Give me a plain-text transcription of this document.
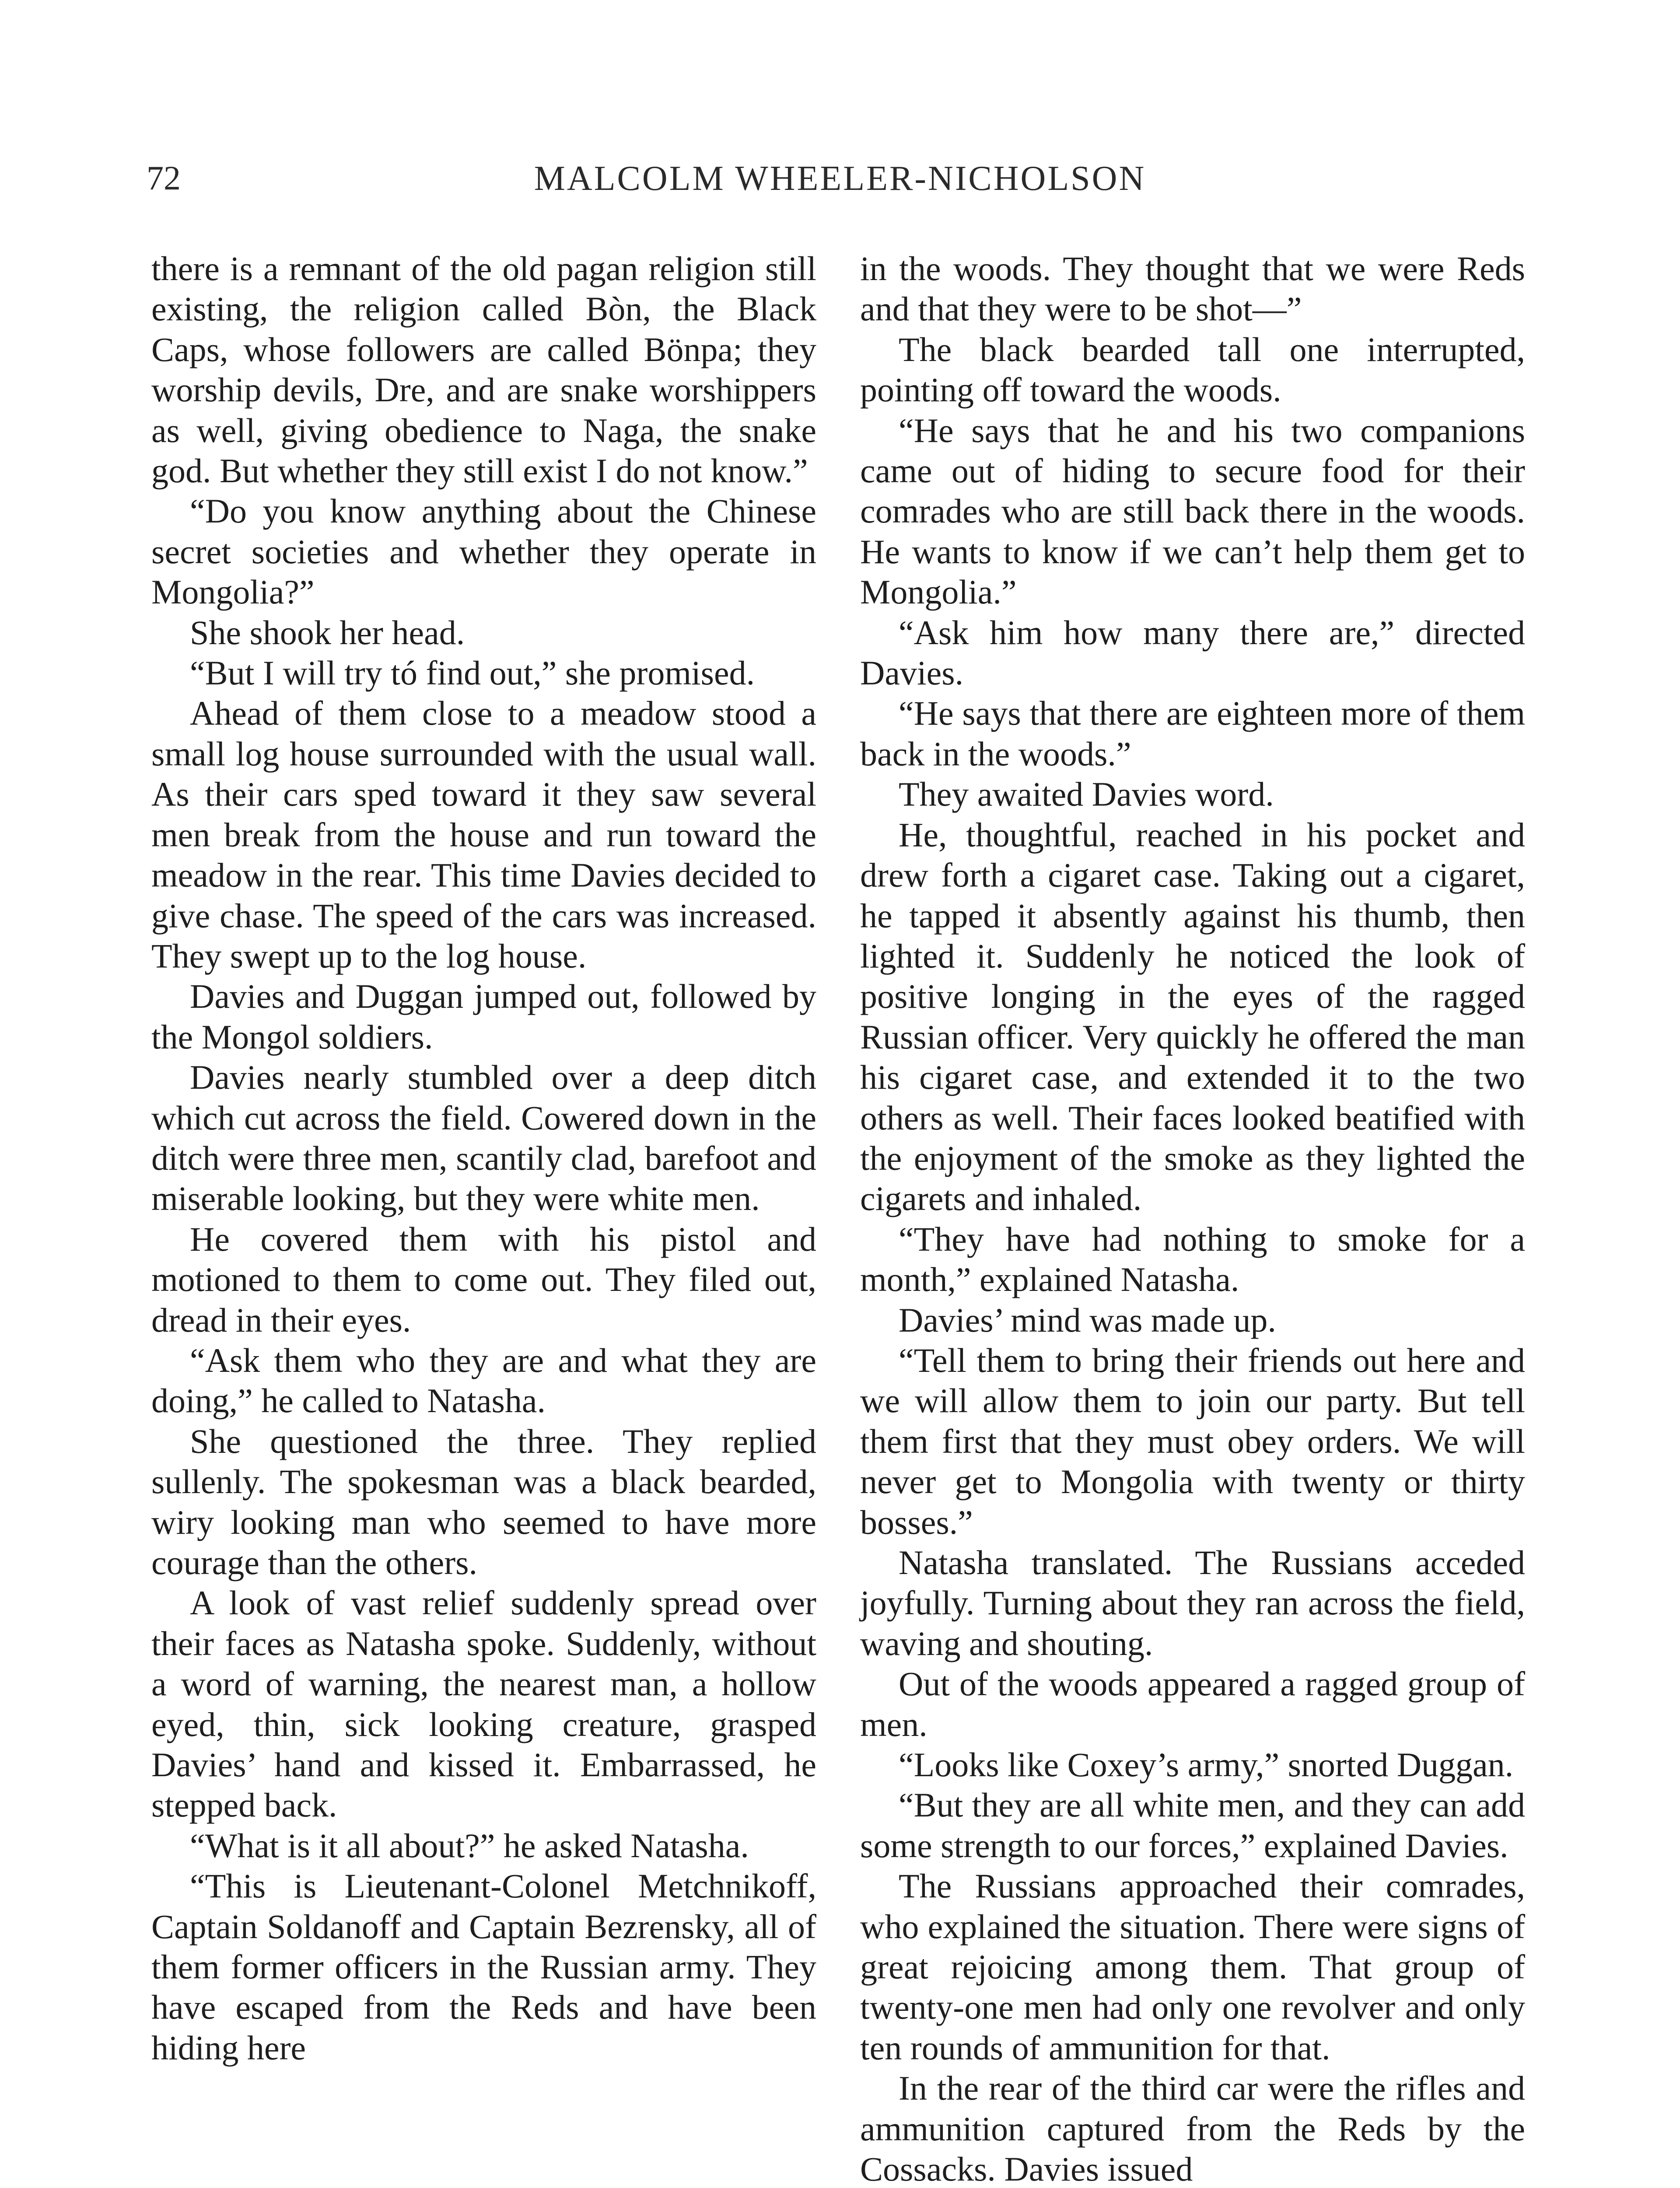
72	MALCOLM WHEELER-NICHOLSON

there is a remnant of the old pagan religion still existing, the religion called Bòn, the Black Caps, whose followers are called Bönpa; they worship devils, Dre, and are snake worshippers as well, giving obedience to Naga, the snake god. But whether they still exist I do not know.”

“Do you know anything about the Chinese secret societies and whether they operate in Mongolia?”

She shook her head.

“But I will try tó find out,” she promised.

Ahead of them close to a meadow stood a small log house surrounded with the usual wall. As their cars sped toward it they saw several men break from the house and run toward the meadow in the rear. This time Davies decided to give chase. The speed of the cars was increased. They swept up to the log house.

Davies and Duggan jumped out, followed by the Mongol soldiers.

Davies nearly stumbled over a deep ditch which cut across the field. Cowered down in the ditch were three men, scantily clad, barefoot and miserable looking, but they were white men.

He covered them with his pistol and motioned to them to come out. They filed out, dread in their eyes.

“Ask them who they are and what they are doing,” he called to Natasha.

She questioned the three. They replied sullenly. The spokesman was a black bearded, wiry looking man who seemed to have more courage than the others.

A look of vast relief suddenly spread over their faces as Natasha spoke. Suddenly, without a word of warning, the nearest man, a hollow eyed, thin, sick looking creature, grasped Davies’ hand and kissed it. Embarrassed, he stepped back.

“What is it all about?” he asked Natasha.

“This is Lieutenant-Colonel Metchnikoff, Captain Soldanoff and Captain Bezrensky, all of them former officers in the Russian army. They have escaped from the Reds and have been hiding here

in the woods. They thought that we were Reds and that they were to be shot—”

The black bearded tall one interrupted, pointing off toward the woods.

“He says that he and his two companions came out of hiding to secure food for their comrades who are still back there in the woods. He wants to know if we can’t help them get to Mongolia.”

“Ask him how many there are,” directed Davies.

“He says that there are eighteen more of them back in the woods.”

They awaited Davies word.

He, thoughtful, reached in his pocket and drew forth a cigaret case. Taking out a cigaret, he tapped it absently against his thumb, then lighted it. Suddenly he noticed the look of positive longing in the eyes of the ragged Russian officer. Very quickly he offered the man his cigaret case, and extended it to the two others as well. Their faces looked beatified with the enjoyment of the smoke as they lighted the cigarets and inhaled.

“They have had nothing to smoke for a month,” explained Natasha.

Davies’ mind was made up.

“Tell them to bring their friends out here and we will allow them to join our party. But tell them first that they must obey orders. We will never get to Mongolia with twenty or thirty bosses.”

Natasha translated. The Russians acceded joyfully. Turning about they ran across the field, waving and shouting.

Out of the woods appeared a ragged group of men.

“Looks like Coxey’s army,” snorted Duggan.

“But they are all white men, and they can add some strength to our forces,” explained Davies.

The Russians approached their comrades, who explained the situation. There were signs of great rejoicing among them. That group of twenty-one men had only one revolver and only ten rounds of ammunition for that.

In the rear of the third car were the rifles and ammunition captured from the Reds by the Cossacks. Davies issued
